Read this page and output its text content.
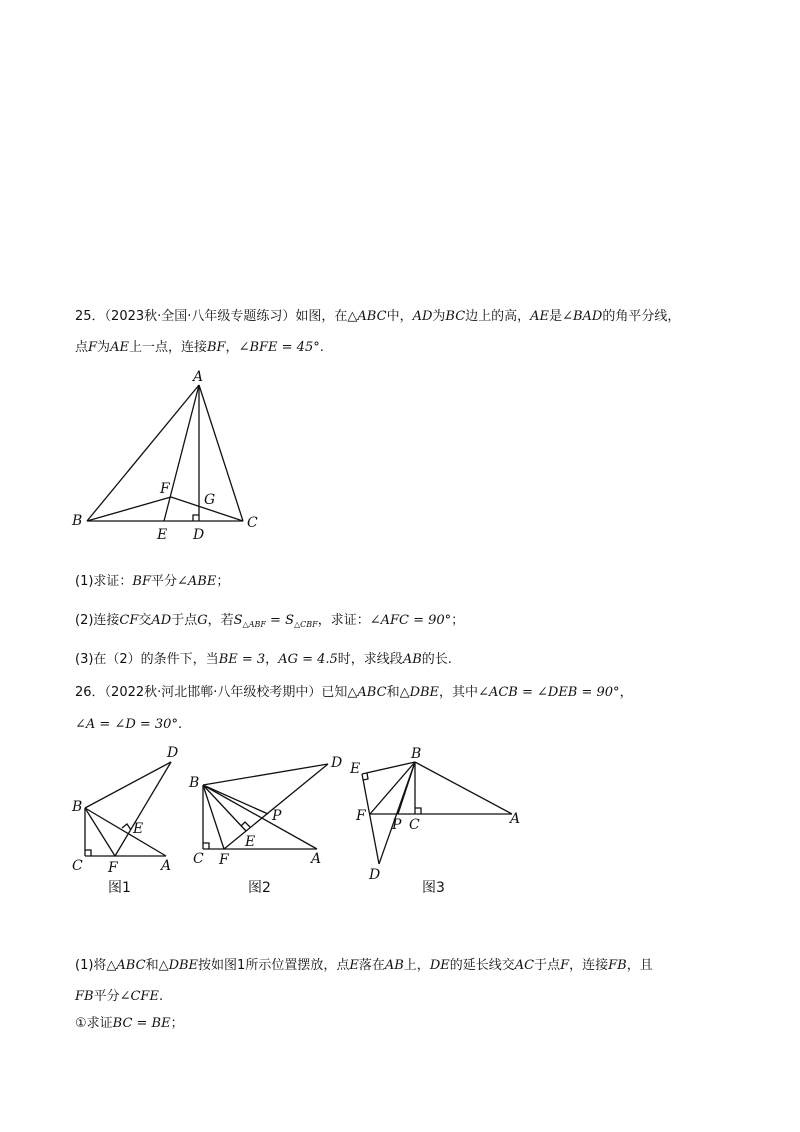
25．（2023秋·全国·八年级专题练习）如图，在△ABC中，AD为BC边上的高，AE是∠BAD的角平分线，
点F为AE上一点，连接BF，∠BFE = 45°.
A
B	C
D
E
F
G
(1)求证：BF平分∠ABE；
(2)连接CF交AD于点G，若$S_{\triangle ABF} = S_{\triangle CBF}$，求证：∠AFC = 90°；
(3)在（2）的条件下，当BE = 3，AG = 4.5时，求线段AB的长.
26．（2022秋·河北邯郸·八年级校考期中）已知△ABC和△DBE，其中∠ACB = ∠DEB = 90°，
∠A = ∠D = 30°.
D
B
E
C F	A
图1
D
B
P
E
C F	A
图2
E
B
F
P C	A
D
图3
(1)将△ABC和△DBE按如图1所示位置摆放，点E落在AB上，DE的延长线交AC于点F，连接FB，且
FB平分∠CFE.
①求证BC = BE；
